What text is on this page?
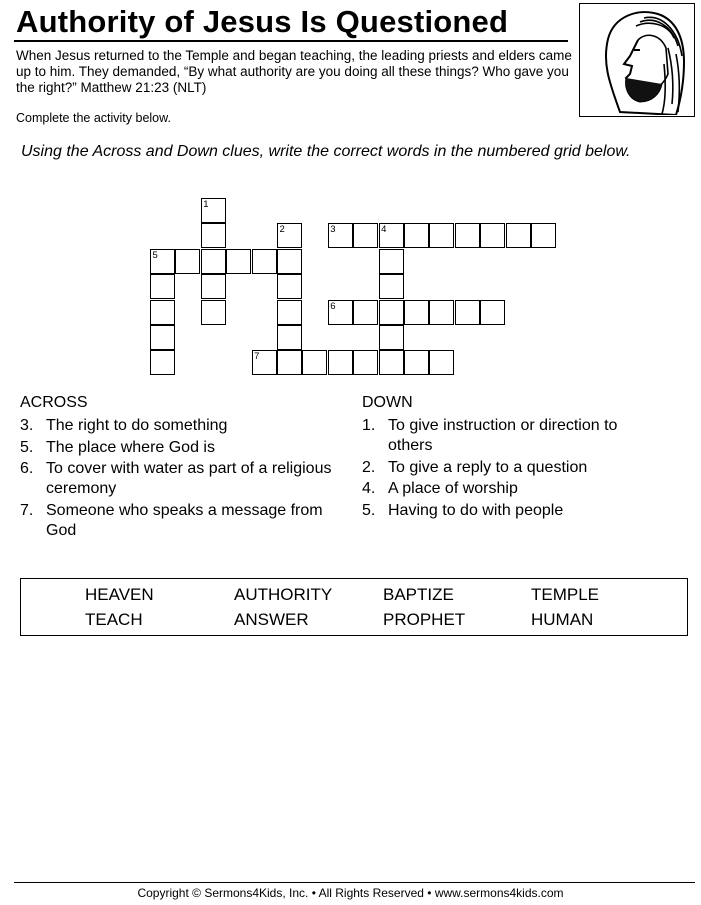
Authority of Jesus Is Questioned
When Jesus returned to the Temple and began teaching, the leading priests and elders came up to him. They demanded, “By what authority are you doing all these things? Who gave you the right?” Matthew 21:23 (NLT)
Complete the activity below.
Using the Across and Down clues, write the correct words in the numbered grid below.
1
2	3	4
5
6
7
ACROSS
3. The right to do something
5. The place where God is
6. To cover with water as part of a religious ceremony
7. Someone who speaks a message from God
DOWN
1. To give instruction or direction to others
2. To give a reply to a question
4. A place of worship
5. Having to do with people
HEAVEN	AUTHORITY	BAPTIZE	TEMPLE
TEACH	ANSWER	PROPHET	HUMAN
Copyright © Sermons4Kids, Inc. • All Rights Reserved • www.sermons4kids.com
